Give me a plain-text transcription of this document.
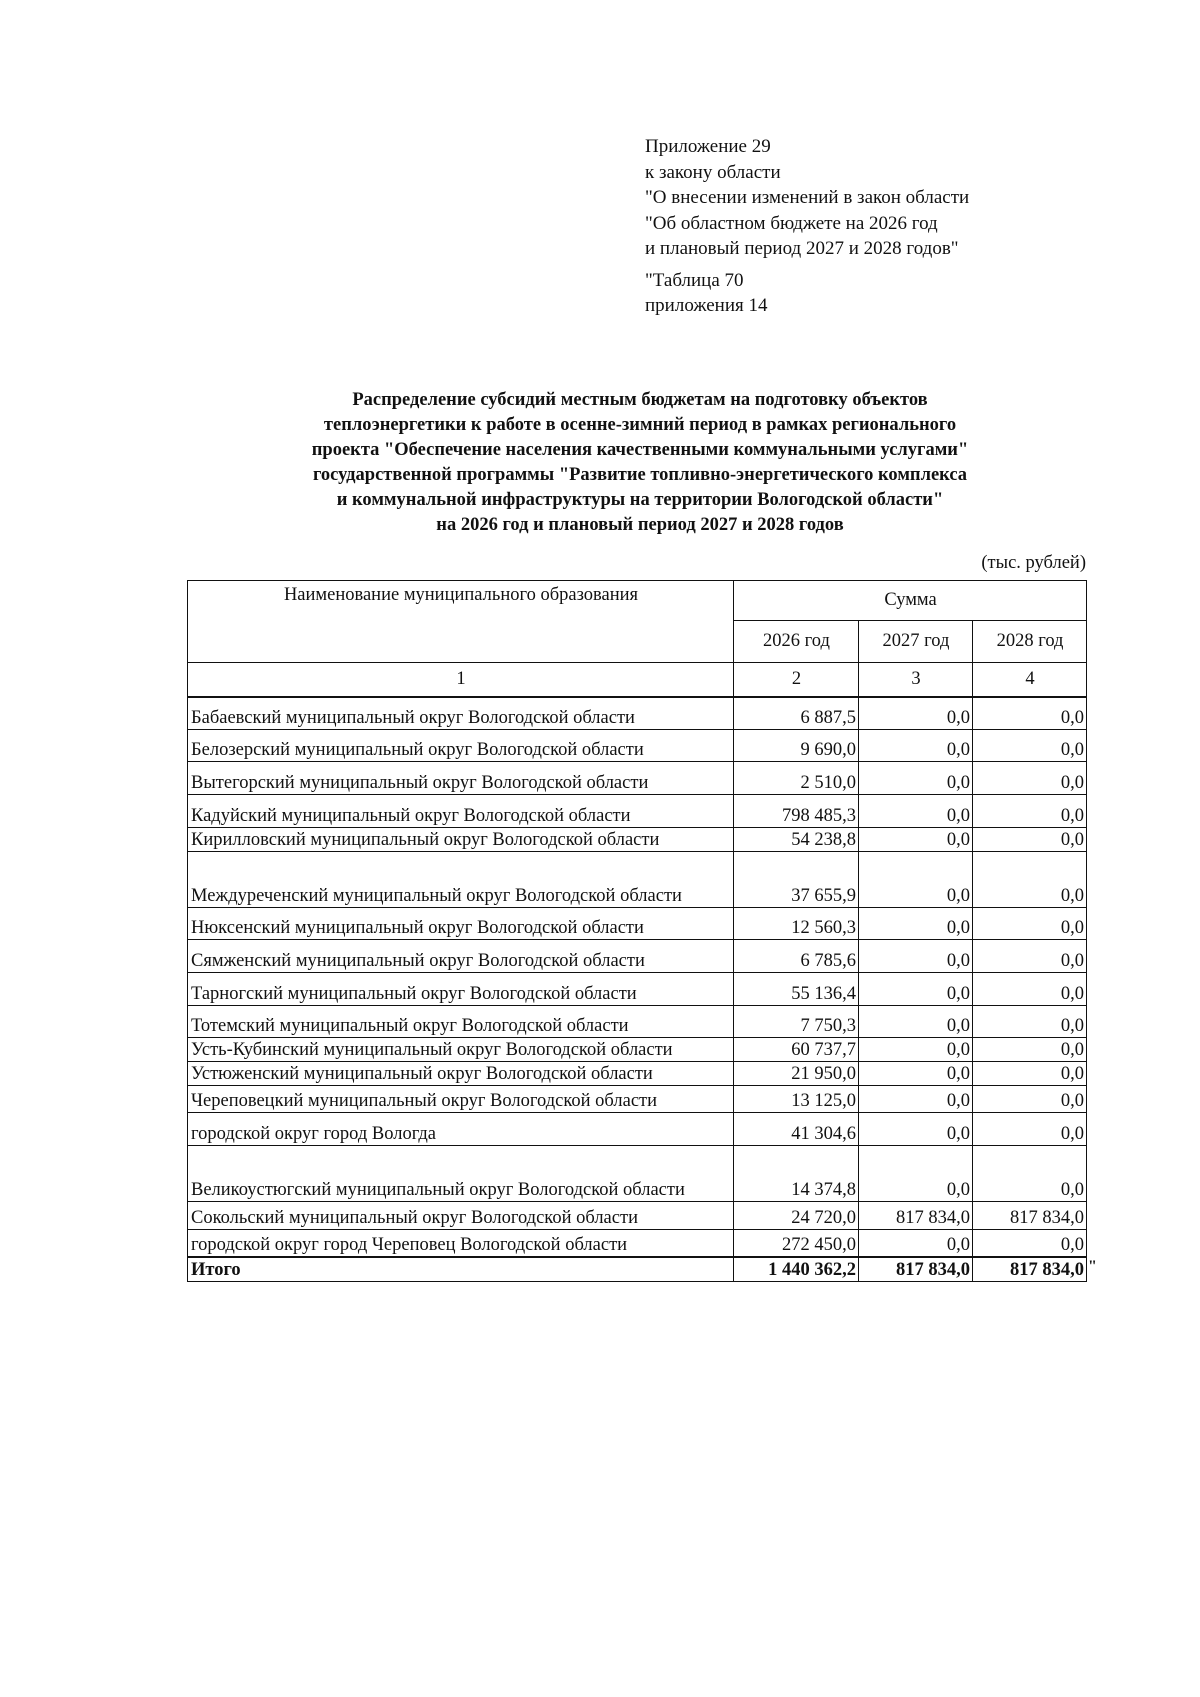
Приложение 29
к закону области
"О внесении изменений в закон области
"Об областном бюджете на 2026 год
и плановый период 2027 и 2028 годов"
"Таблица 70
приложения 14
Распределение субсидий местным бюджетам на подготовку объектов
теплоэнергетики к работе в осенне-зимний период в рамках регионального
проекта "Обеспечение населения качественными коммунальными услугами"
государственной программы "Развитие топливно-энергетического комплекса
и коммунальной инфраструктуры на территории Вологодской области"
на 2026 год и плановый период 2027 и 2028 годов
(тыс. рублей)
Наименование муниципального образования	Сумма		
	2026 год	2027 год	2028 год
1	2	3	4
Бабаевский муниципальный округ Вологодской области	6 887,5	0,0	0,0
Белозерский муниципальный округ Вологодской области	9 690,0	0,0	0,0
Вытегорский муниципальный округ Вологодской области	2 510,0	0,0	0,0
Кадуйский муниципальный округ Вологодской области	798 485,3	0,0	0,0
Кирилловский муниципальный округ Вологодской области	54 238,8	0,0	0,0
Междуреченский муниципальный округ Вологодской области	37 655,9	0,0	0,0
Нюксенский муниципальный округ Вологодской области	12 560,3	0,0	0,0
Сямженский муниципальный округ Вологодской области	6 785,6	0,0	0,0
Тарногский муниципальный округ Вологодской области	55 136,4	0,0	0,0
Тотемский муниципальный округ Вологодской области	7 750,3	0,0	0,0
Усть-Кубинский муниципальный округ Вологодской области	60 737,7	0,0	0,0
Устюженский муниципальный округ Вологодской области	21 950,0	0,0	0,0
Череповецкий муниципальный округ Вологодской области	13 125,0	0,0	0,0
городской округ город Вологда	41 304,6	0,0	0,0
Великоустюгский муниципальный округ Вологодской области	14 374,8	0,0	0,0
Сокольский муниципальный округ Вологодской области	24 720,0	817 834,0	817 834,0
городской округ город Череповец Вологодской области	272 450,0	0,0	0,0
Итого	1 440 362,2	817 834,0	817 834,0 "
